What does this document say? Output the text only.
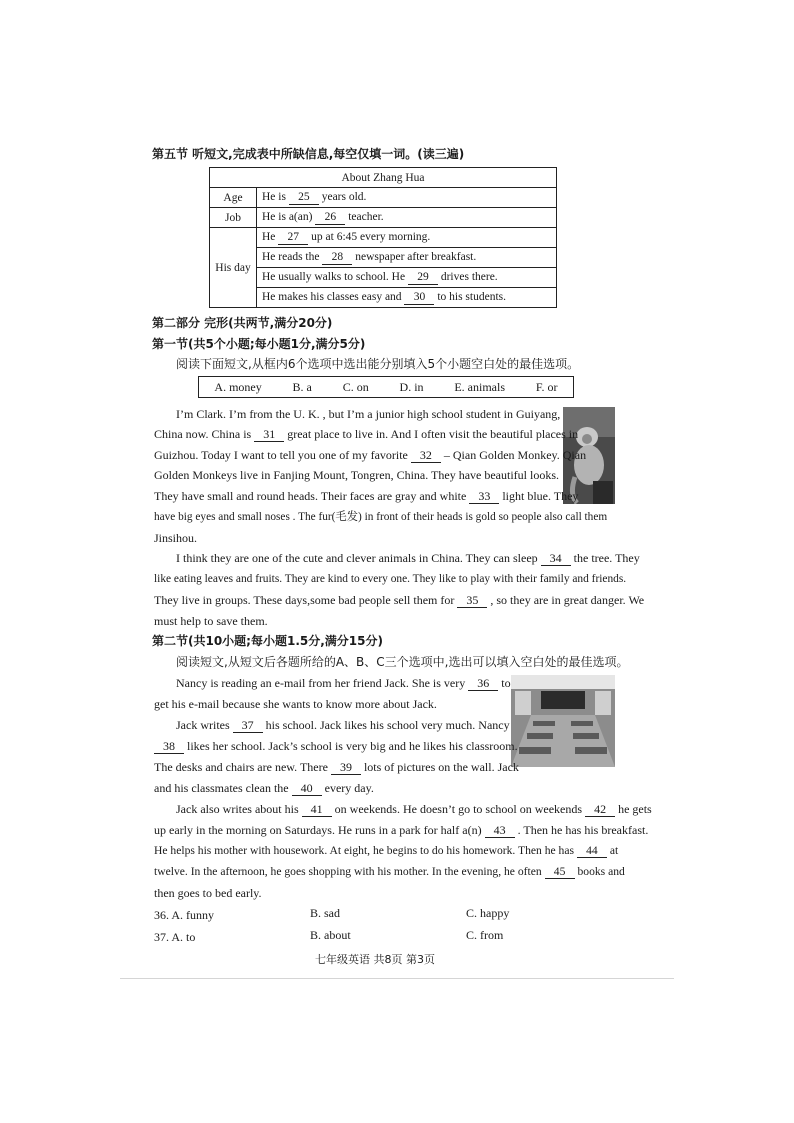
第五节 听短文,完成表中所缺信息,每空仅填一词。(读三遍)
About Zhang Hua	
Age	He is 25 years old.
Job	He is a(an) 26 teacher.
His day	He 27 up at 6:45 every morning.
	He reads the 28 newspaper after breakfast.
	He usually walks to school. He 29 drives there.
	He makes his classes easy and 30 to his students.
第二部分 完形(共两节,满分20分)
第一节(共5个小题;每小题1分,满分5分)
阅读下面短文,从框内6个选项中选出能分别填入5个小题空白处的最佳选项。
A. money	B. a	C. on	D. in	E. animals	F. or
I’m Clark. I’m from the U. K. , but I’m a junior high school student in Guiyang,
China now. China is 31 great place to live in. And I often visit the beautiful places in
Guizhou. Today I want to tell you one of my favorite 32 – Qian Golden Monkey. Qian
Golden Monkeys live in Fanjing Mount, Tongren, China. They have beautiful looks.
They have small and round heads. Their faces are gray and white 33 light blue. They
have big eyes and small noses . The fur(毛发) in front of their heads is gold so people also call them
Jinsihou.
I think they are one of the cute and clever animals in China. They can sleep 34 the tree. They
like eating leaves and fruits. They are kind to every one. They like to play with their family and friends.
They live in groups. These days,some bad people sell them for 35 , so they are in great danger. We
must help to save them.
第二节(共10小题;每小题1.5分,满分15分)
阅读短文,从短文后各题所给的A、B、C三个选项中,选出可以填入空白处的最佳选项。
Nancy is reading an e-mail from her friend Jack. She is very 36 to
get his e-mail because she wants to know more about Jack.
Jack writes 37 his school. Jack likes his school very much. Nancy
38 likes her school. Jack’s school is very big and he likes his classroom.
The desks and chairs are new. There 39 lots of pictures on the wall. Jack
and his classmates clean the 40 every day.
Jack also writes about his 41 on weekends. He doesn’t go to school on weekends 42 he gets
up early in the morning on Saturdays. He runs in a park for half a(n) 43 . Then he has his breakfast.
He helps his mother with housework. At eight, he begins to do his homework. Then he has 44 at
twelve. In the afternoon, he goes shopping with his mother. In the evening, he often 45 books and
then goes to bed early.
36. A. funny	B. sad	C. happy
37. A. to	B. about	C. from
七年级英语 共8页 第3页
